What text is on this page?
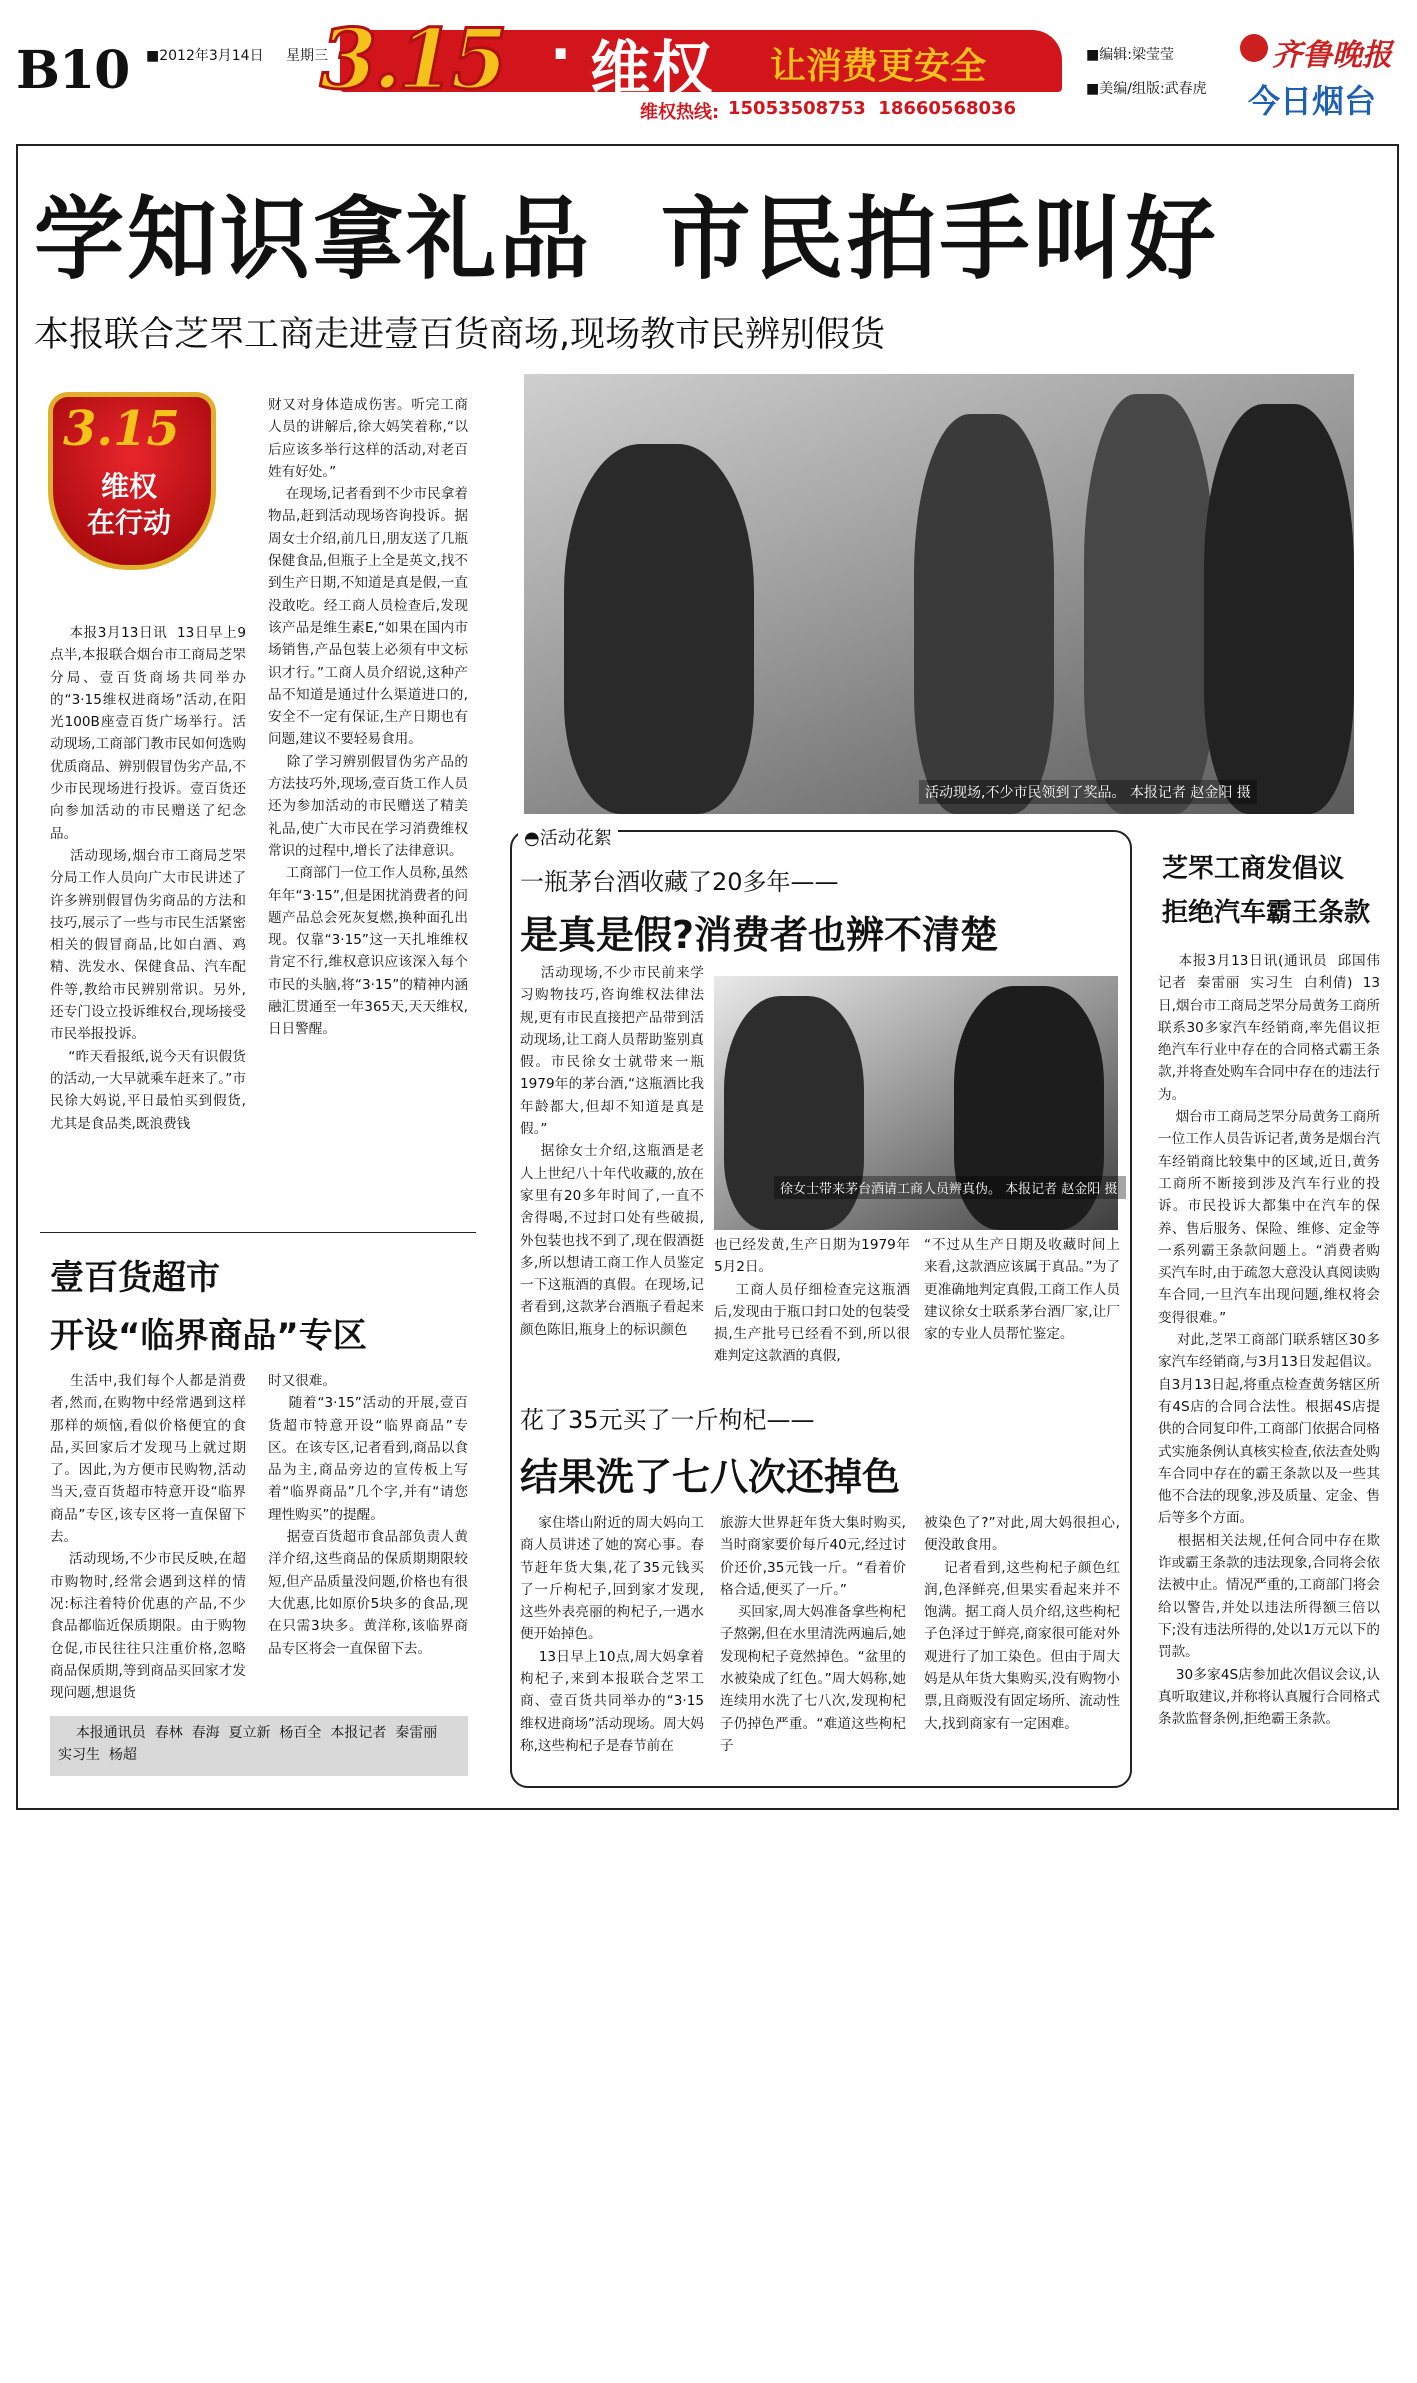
B10 ■2012年3月14日 星期三
3.15 · 维权 让消费更安全
维权热线: 15053508753  18660568036
■编辑:梁莹莹
■美编/组版:武春虎
齐鲁晚报
今日烟台
学知识拿礼品  市民拍手叫好
本报联合芝罘工商走进壹百货商场,现场教市民辨别假货
3.15
维权
在行动
本报3月13日讯  13日早上9点半,本报联合烟台市工商局芝罘分局、壹百货商场共同举办的“3·15维权进商场”活动,在阳光100B座壹百货广场举行。活动现场,工商部门教市民如何选购优质商品、辨别假冒伪劣产品,不少市民现场进行投诉。壹百货还向参加活动的市民赠送了纪念品。
活动现场,烟台市工商局芝罘分局工作人员向广大市民讲述了许多辨别假冒伪劣商品的方法和技巧,展示了一些与市民生活紧密相关的假冒商品,比如白酒、鸡精、洗发水、保健食品、汽车配件等,教给市民辨别常识。另外,还专门设立投诉维权台,现场接受市民举报投诉。
“昨天看报纸,说今天有识假货的活动,一大早就乘车赶来了。”市民徐大妈说,平日最怕买到假货,尤其是食品类,既浪费钱
财又对身体造成伤害。听完工商人员的讲解后,徐大妈笑着称,“以后应该多举行这样的活动,对老百姓有好处。”
在现场,记者看到不少市民拿着物品,赶到活动现场咨询投诉。据周女士介绍,前几日,朋友送了几瓶保健食品,但瓶子上全是英文,找不到生产日期,不知道是真是假,一直没敢吃。经工商人员检查后,发现该产品是维生素E,“如果在国内市场销售,产品包装上必须有中文标识才行。”工商人员介绍说,这种产品不知道是通过什么渠道进口的,安全不一定有保证,生产日期也有问题,建议不要轻易食用。
除了学习辨别假冒伪劣产品的方法技巧外,现场,壹百货工作人员还为参加活动的市民赠送了精美礼品,使广大市民在学习消费维权常识的过程中,增长了法律意识。
工商部门一位工作人员称,虽然年年“3·15”,但是困扰消费者的问题产品总会死灰复燃,换种面孔出现。仅靠“3·15”这一天扎堆维权肯定不行,维权意识应该深入每个市民的头脑,将“3·15”的精神内涵融汇贯通至一年365天,天天维权,日日警醒。
活动现场,不少市民领到了奖品。 本报记者 赵金阳 摄
◓活动花絮
一瓶茅台酒收藏了20多年——
是真是假?消费者也辨不清楚
活动现场,不少市民前来学习购物技巧,咨询维权法律法规,更有市民直接把产品带到活动现场,让工商人员帮助鉴别真假。市民徐女士就带来一瓶1979年的茅台酒,“这瓶酒比我年龄都大,但却不知道是真是假。”
据徐女士介绍,这瓶酒是老人上世纪八十年代收藏的,放在家里有20多年时间了,一直不舍得喝,不过封口处有些破损,外包装也找不到了,现在假酒挺多,所以想请工商工作人员鉴定一下这瓶酒的真假。在现场,记者看到,这款茅台酒瓶子看起来颜色陈旧,瓶身上的标识颜色
徐女士带来茅台酒请工商人员辨真伪。 本报记者 赵金阳 摄
也已经发黄,生产日期为1979年5月2日。
工商人员仔细检查完这瓶酒后,发现由于瓶口封口处的包装受损,生产批号已经看不到,所以很难判定这款酒的真假,
“不过从生产日期及收藏时间上来看,这款酒应该属于真品。”为了更准确地判定真假,工商工作人员建议徐女士联系茅台酒厂家,让厂家的专业人员帮忙鉴定。
花了35元买了一斤枸杞——
结果洗了七八次还掉色
家住塔山附近的周大妈向工商人员讲述了她的窝心事。春节赶年货大集,花了35元钱买了一斤枸杞子,回到家才发现,这些外表亮丽的枸杞子,一遇水便开始掉色。
13日早上10点,周大妈拿着枸杞子,来到本报联合芝罘工商、壹百货共同举办的“3·15维权进商场”活动现场。周大妈称,这些枸杞子是春节前在
旅游大世界赶年货大集时购买,当时商家要价每斤40元,经过讨价还价,35元钱一斤。“看着价格合适,便买了一斤。”
买回家,周大妈准备拿些枸杞子熬粥,但在水里清洗两遍后,她发现枸杞子竟然掉色。“盆里的水被染成了红色。”周大妈称,她连续用水洗了七八次,发现枸杞子仍掉色严重。“难道这些枸杞子
被染色了?”对此,周大妈很担心,便没敢食用。
记者看到,这些枸杞子颜色红润,色泽鲜亮,但果实看起来并不饱满。据工商人员介绍,这些枸杞子色泽过于鲜亮,商家很可能对外观进行了加工染色。但由于周大妈是从年货大集购买,没有购物小票,且商贩没有固定场所、流动性大,找到商家有一定困难。
壹百货超市
开设“临界商品”专区
生活中,我们每个人都是消费者,然而,在购物中经常遇到这样那样的烦恼,看似价格便宜的食品,买回家后才发现马上就过期了。因此,为方便市民购物,活动当天,壹百货超市特意开设“临界商品”专区,该专区将一直保留下去。
活动现场,不少市民反映,在超市购物时,经常会遇到这样的情况:标注着特价优惠的产品,不少食品都临近保质期限。由于购物仓促,市民往往只注重价格,忽略商品保质期,等到商品买回家才发现问题,想退货
时又很难。
随着“3·15”活动的开展,壹百货超市特意开设“临界商品”专区。在该专区,记者看到,商品以食品为主,商品旁边的宣传板上写着“临界商品”几个字,并有“请您理性购买”的提醒。
据壹百货超市食品部负责人黄洋介绍,这些商品的保质期期限较短,但产品质量没问题,价格也有很大优惠,比如原价5块多的食品,现在只需3块多。黄洋称,该临界商品专区将会一直保留下去。
本报通讯员  春林  春海  夏立新  杨百全  本报记者  秦雷丽  实习生  杨超
芝罘工商发倡议
拒绝汽车霸王条款
本报3月13日讯(通讯员  邱国伟  记者  秦雷丽  实习生  白利倩)  13日,烟台市工商局芝罘分局黄务工商所联系30多家汽车经销商,率先倡议拒绝汽车行业中存在的合同格式霸王条款,并将查处购车合同中存在的违法行为。
烟台市工商局芝罘分局黄务工商所一位工作人员告诉记者,黄务是烟台汽车经销商比较集中的区域,近日,黄务工商所不断接到涉及汽车行业的投诉。市民投诉大都集中在汽车的保养、售后服务、保险、维修、定金等一系列霸王条款问题上。“消费者购买汽车时,由于疏忽大意没认真阅读购车合同,一旦汽车出现问题,维权将会变得很难。”
对此,芝罘工商部门联系辖区30多家汽车经销商,与3月13日发起倡议。自3月13日起,将重点检查黄务辖区所有4S店的合同合法性。根据4S店提供的合同复印件,工商部门依据合同格式实施条例认真核实检查,依法查处购车合同中存在的霸王条款以及一些其他不合法的现象,涉及质量、定金、售后等多个方面。
根据相关法规,任何合同中存在欺诈或霸王条款的违法现象,合同将会依法被中止。情况严重的,工商部门将会给以警告,并处以违法所得额三倍以下;没有违法所得的,处以1万元以下的罚款。
30多家4S店参加此次倡议会议,认真听取建议,并称将认真履行合同格式条款监督条例,拒绝霸王条款。
